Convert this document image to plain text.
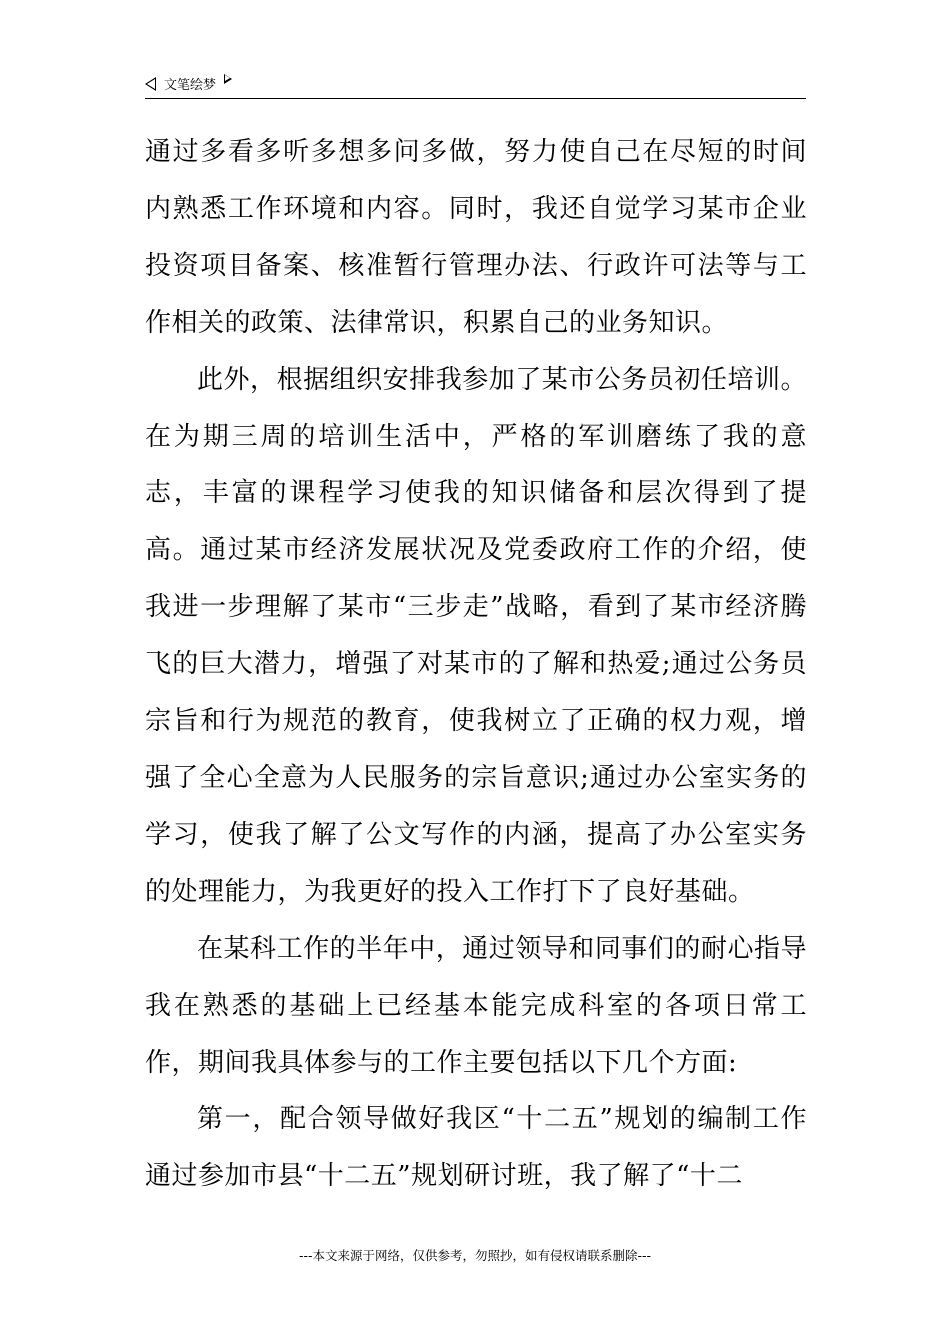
文笔绘梦

通过多看多听多想多问多做，努力使自己在尽短的时间内熟悉工作环境和内容。同时，我还自觉学习某市企业投资项目备案、核准暂行管理办法、行政许可法等与工作相关的政策、法律常识，积累自己的业务知识。

此外，根据组织安排我参加了某市公务员初任培训。在为期三周的培训生活中，严格的军训磨练了我的意志，丰富的课程学习使我的知识储备和层次得到了提高。通过某市经济发展状况及党委政府工作的介绍，使我进一步理解了某市“三步走”战略，看到了某市经济腾飞的巨大潜力，增强了对某市的了解和热爱;通过公务员宗旨和行为规范的教育，使我树立了正确的权力观，增强了全心全意为人民服务的宗旨意识;通过办公室实务的学习，使我了解了公文写作的内涵，提高了办公室实务的处理能力，为我更好的投入工作打下了良好基础。

在某科工作的半年中，通过领导和同事们的耐心指导我在熟悉的基础上已经基本能完成科室的各项日常工作，期间我具体参与的工作主要包括以下几个方面:

第一，配合领导做好我区“十二五”规划的编制工作通过参加市县“十二五”规划研讨班，我了解了“十二

---本文来源于网络，仅供参考，勿照抄，如有侵权请联系删除---
